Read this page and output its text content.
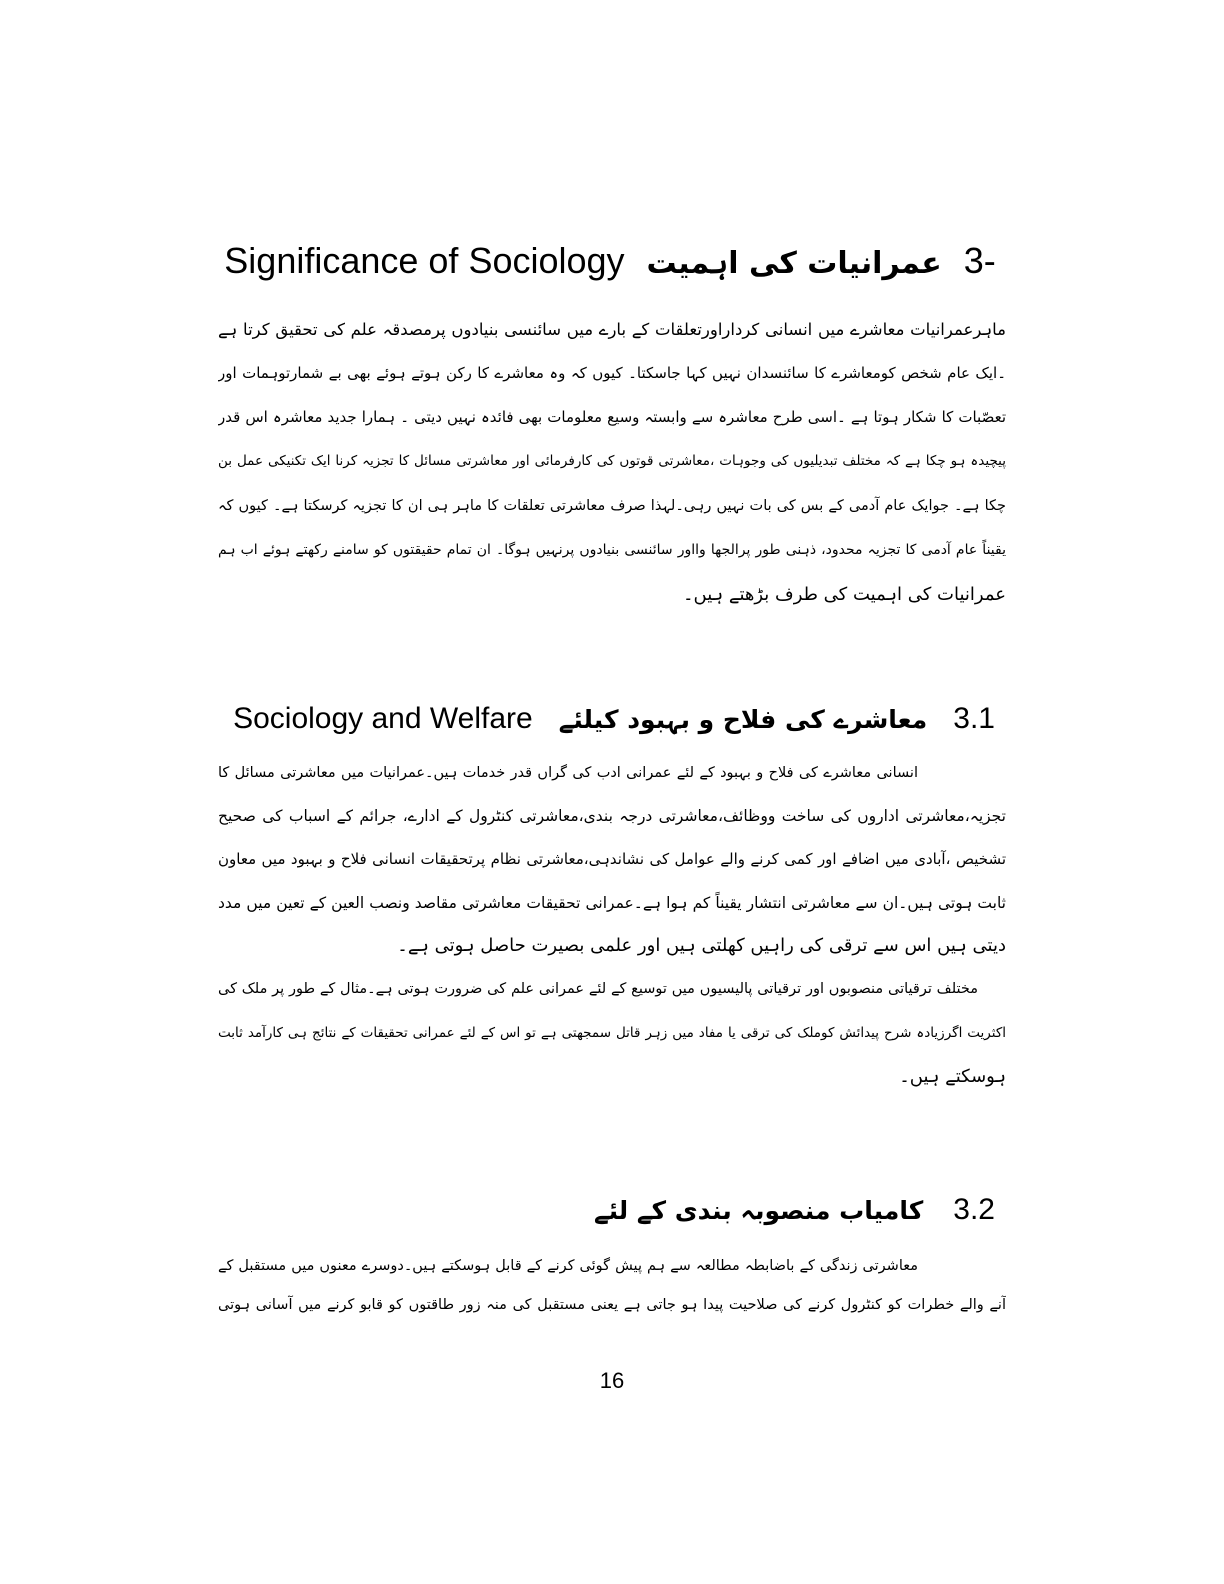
3-
عمرانیات کی اہمیت
Significance of Sociology
ماہرعمرانیات معاشرے میں انسانی کرداراورتعلقات کے بارے میں سائنسی بنیادوں پرمصدقہ علم کی تحقیق کرتا ہے
۔ایک عام شخص کومعاشرے کا سائنسدان نہیں کہا جاسکتا۔ کیوں کہ وہ معاشرے کا رکن ہوتے ہوئے بھی بے شمارتوہمات اور
تعصّبات کا شکار ہوتا ہے ۔اسی طرح معاشرہ سے وابستہ وسیع معلومات بھی فائدہ نہیں دیتی ۔ ہمارا جدید معاشرہ اس قدر
پیچیدہ ہو چکا ہے کہ مختلف تبدیلیوں کی وجوہات ،معاشرتی قوتوں کی کارفرمائی اور معاشرتی مسائل کا تجزیہ کرنا ایک تکنیکی عمل بن
چکا ہے۔ جوایک عام آدمی کے بس کی بات نہیں رہی۔لہذا صرف معاشرتی تعلقات کا ماہر ہی ان کا تجزیہ کرسکتا ہے۔ کیوں کہ
یقیناً عام آدمی کا تجزیہ محدود، ذہنی طور پرالجھا وااور سائنسی بنیادوں پرنہیں ہوگا۔ ان تمام حقیقتوں کو سامنے رکھتے ہوئے اب ہم
عمرانیات کی اہمیت کی طرف بڑھتے ہیں۔
3.1
معاشرے کی فلاح و بہبود کیلئے
Sociology and Welfare
انسانی معاشرے کی فلاح و بہبود کے لئے عمرانی ادب کی گراں قدر خدمات ہیں۔عمرانیات میں معاشرتی مسائل کا
تجزیہ،معاشرتی اداروں کی ساخت ووظائف،معاشرتی درجہ بندی،معاشرتی کنٹرول کے ادارے، جرائم کے اسباب کی صحیح
تشخیص ،آبادی میں اضافے اور کمی کرنے والے عوامل کی نشاندہی،معاشرتی نظام پرتحقیقات انسانی فلاح و بہبود میں معاون
ثابت ہوتی ہیں۔ان سے معاشرتی انتشار یقیناً کم ہوا ہے۔عمرانی تحقیقات معاشرتی مقاصد ونصب العین کے تعین میں مدد
دیتی ہیں اس سے ترقی کی راہیں کھلتی ہیں اور علمی بصیرت حاصل ہوتی ہے۔
مختلف ترقیاتی منصوبوں اور ترقیاتی پالیسیوں میں توسیع کے لئے عمرانی علم کی ضرورت ہوتی ہے۔مثال کے طور پر ملک کی
اکثریت اگرزیادہ شرح پیدائش کوملک کی ترقی یا مفاد میں زہر قاتل سمجھتی ہے تو اس کے لئے عمرانی تحقیقات کے نتائج ہی کارآمد ثابت
ہوسکتے ہیں۔
3.2
کامیاب منصوبہ بندی کے لئے
معاشرتی زندگی کے باضابطہ مطالعہ سے ہم پیش گوئی کرنے کے قابل ہوسکتے ہیں۔دوسرے معنوں میں مستقبل کے
آنے والے خطرات کو کنٹرول کرنے کی صلاحیت پیدا ہو جاتی ہے یعنی مستقبل کی منہ زور طاقتوں کو قابو کرنے میں آسانی ہوتی
16
